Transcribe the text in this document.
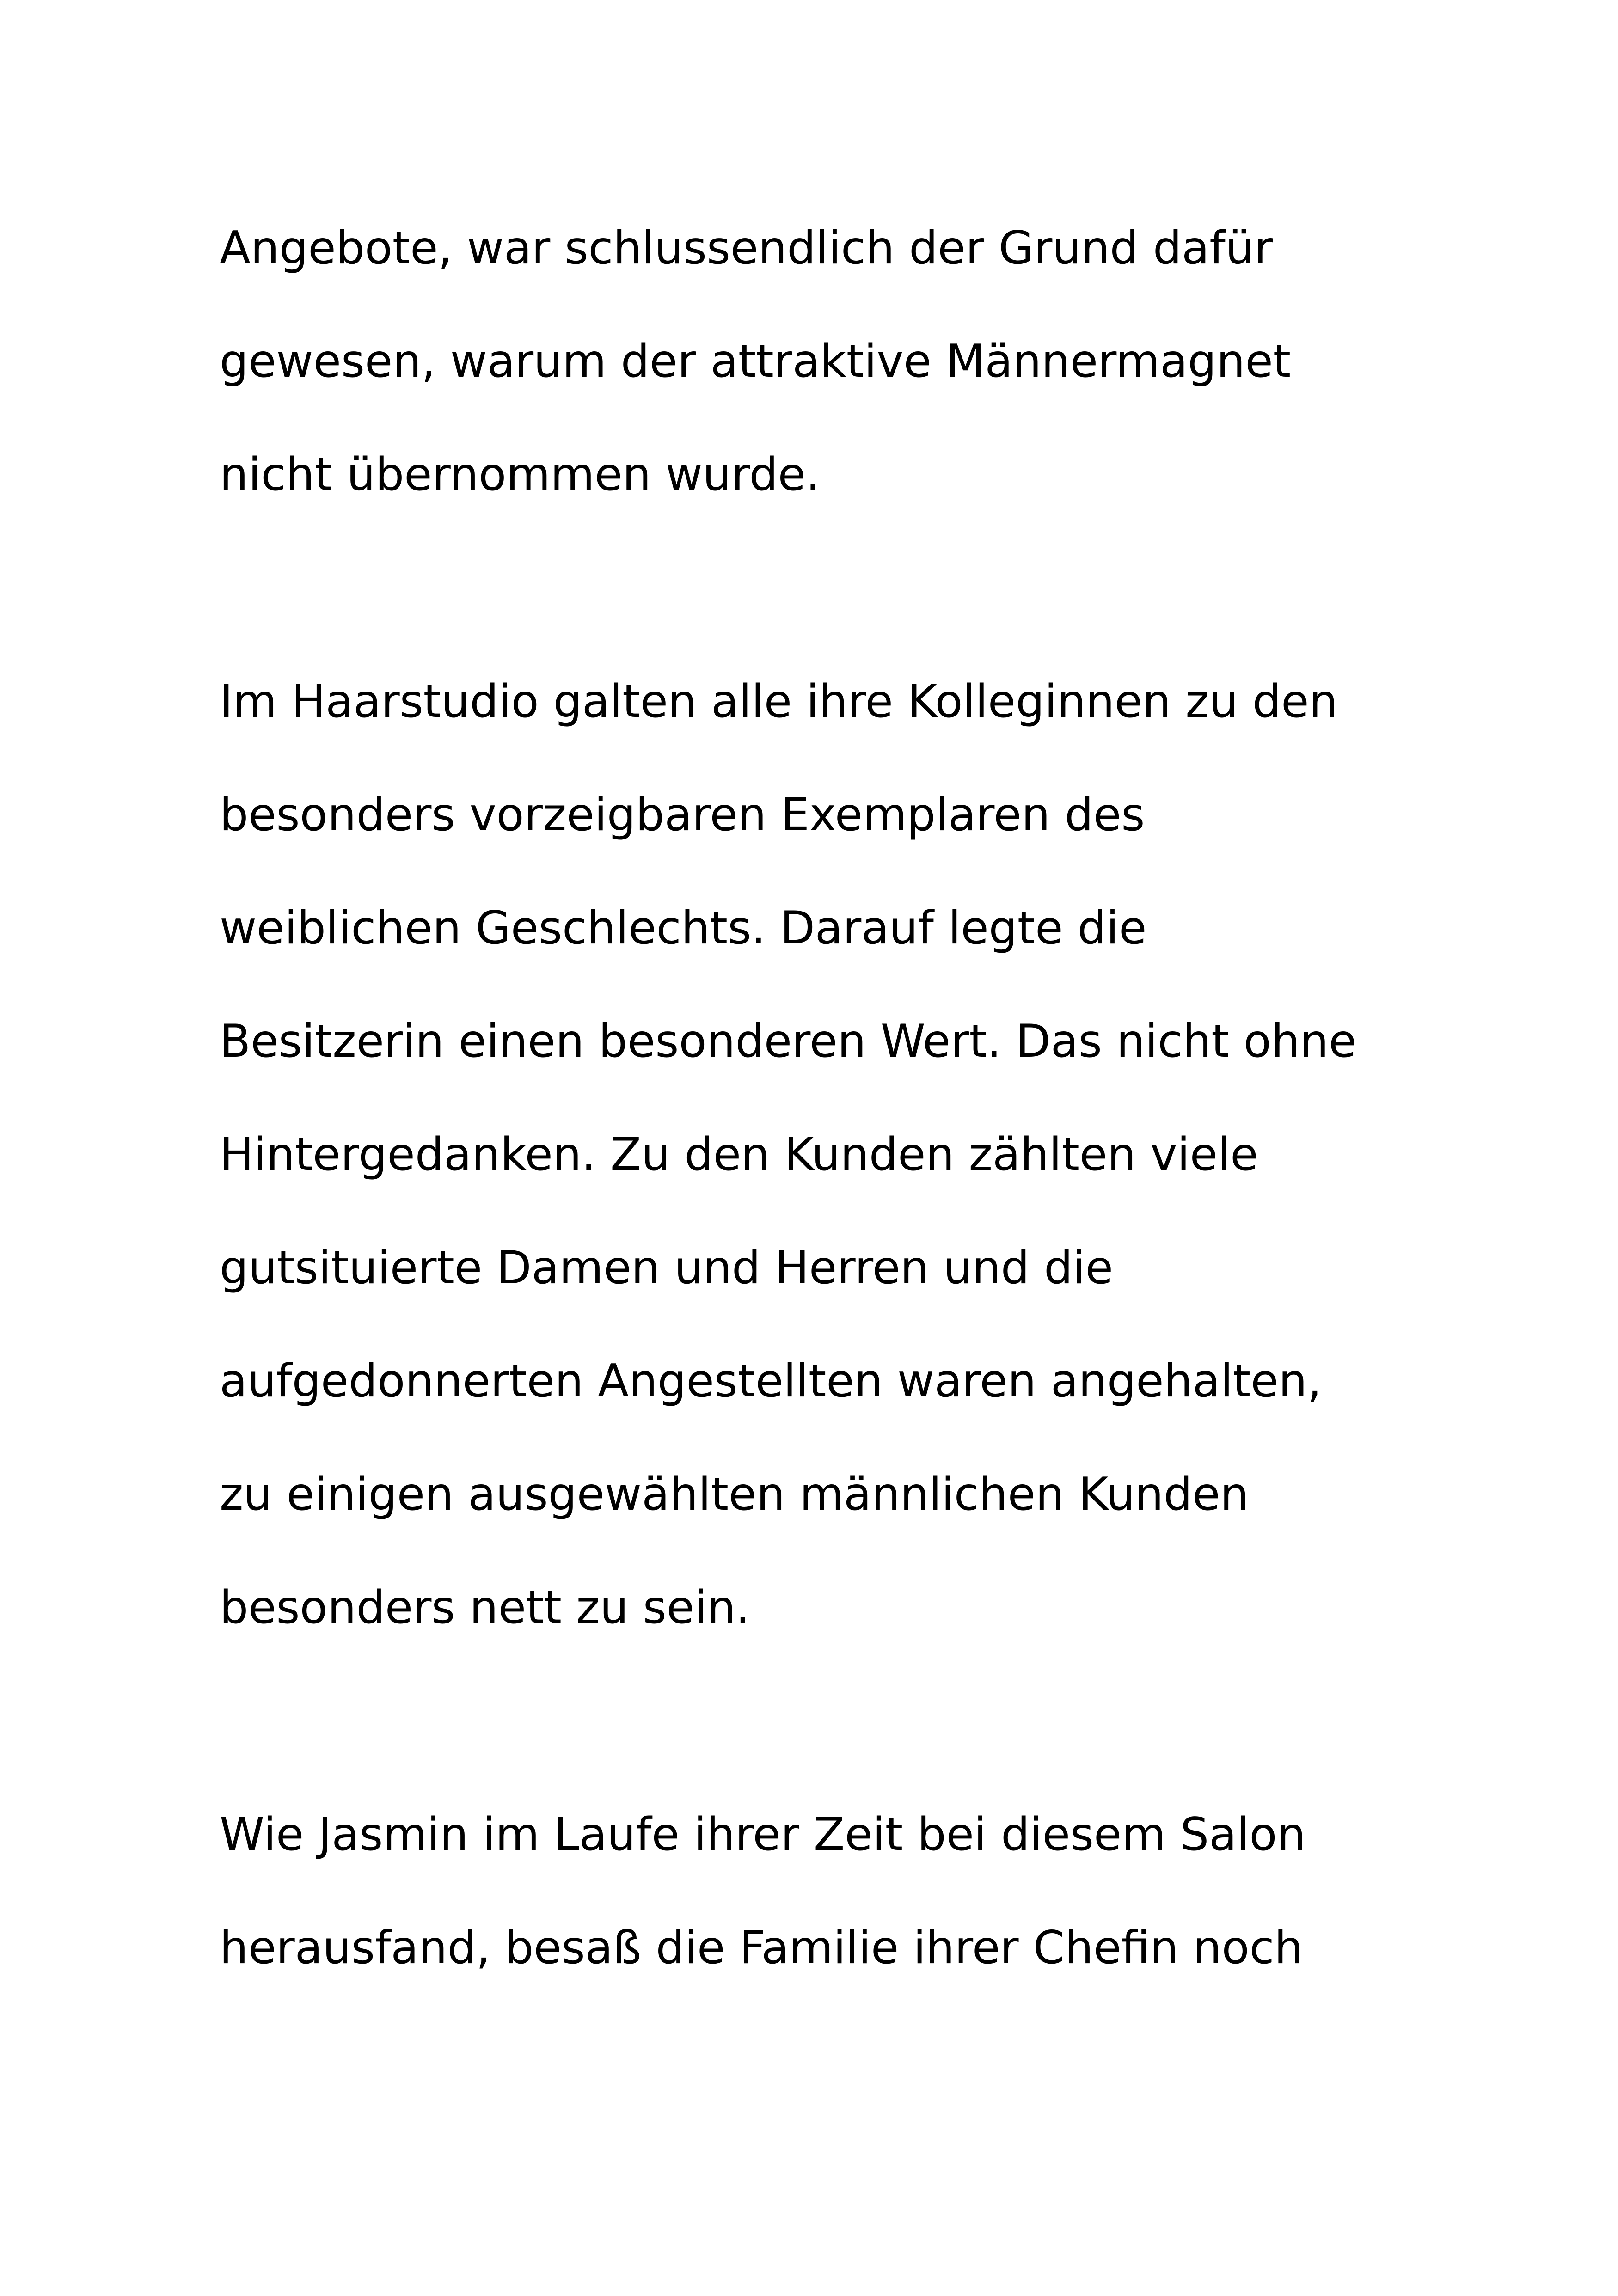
Angebote, war schlussendlich der Grund dafür

gewesen, warum der attraktive Männermagnet

nicht übernommen wurde.

Im Haarstudio galten alle ihre Kolleginnen zu den

besonders vorzeigbaren Exemplaren des

weiblichen Geschlechts. Darauf legte die

Besitzerin einen besonderen Wert. Das nicht ohne

Hintergedanken. Zu den Kunden zählten viele

gutsituierte Damen und Herren und die

aufgedonnerten Angestellten waren angehalten,

zu einigen ausgewählten männlichen Kunden

besonders nett zu sein.

Wie Jasmin im Laufe ihrer Zeit bei diesem Salon

herausfand, besaß die Familie ihrer Chefin noch
